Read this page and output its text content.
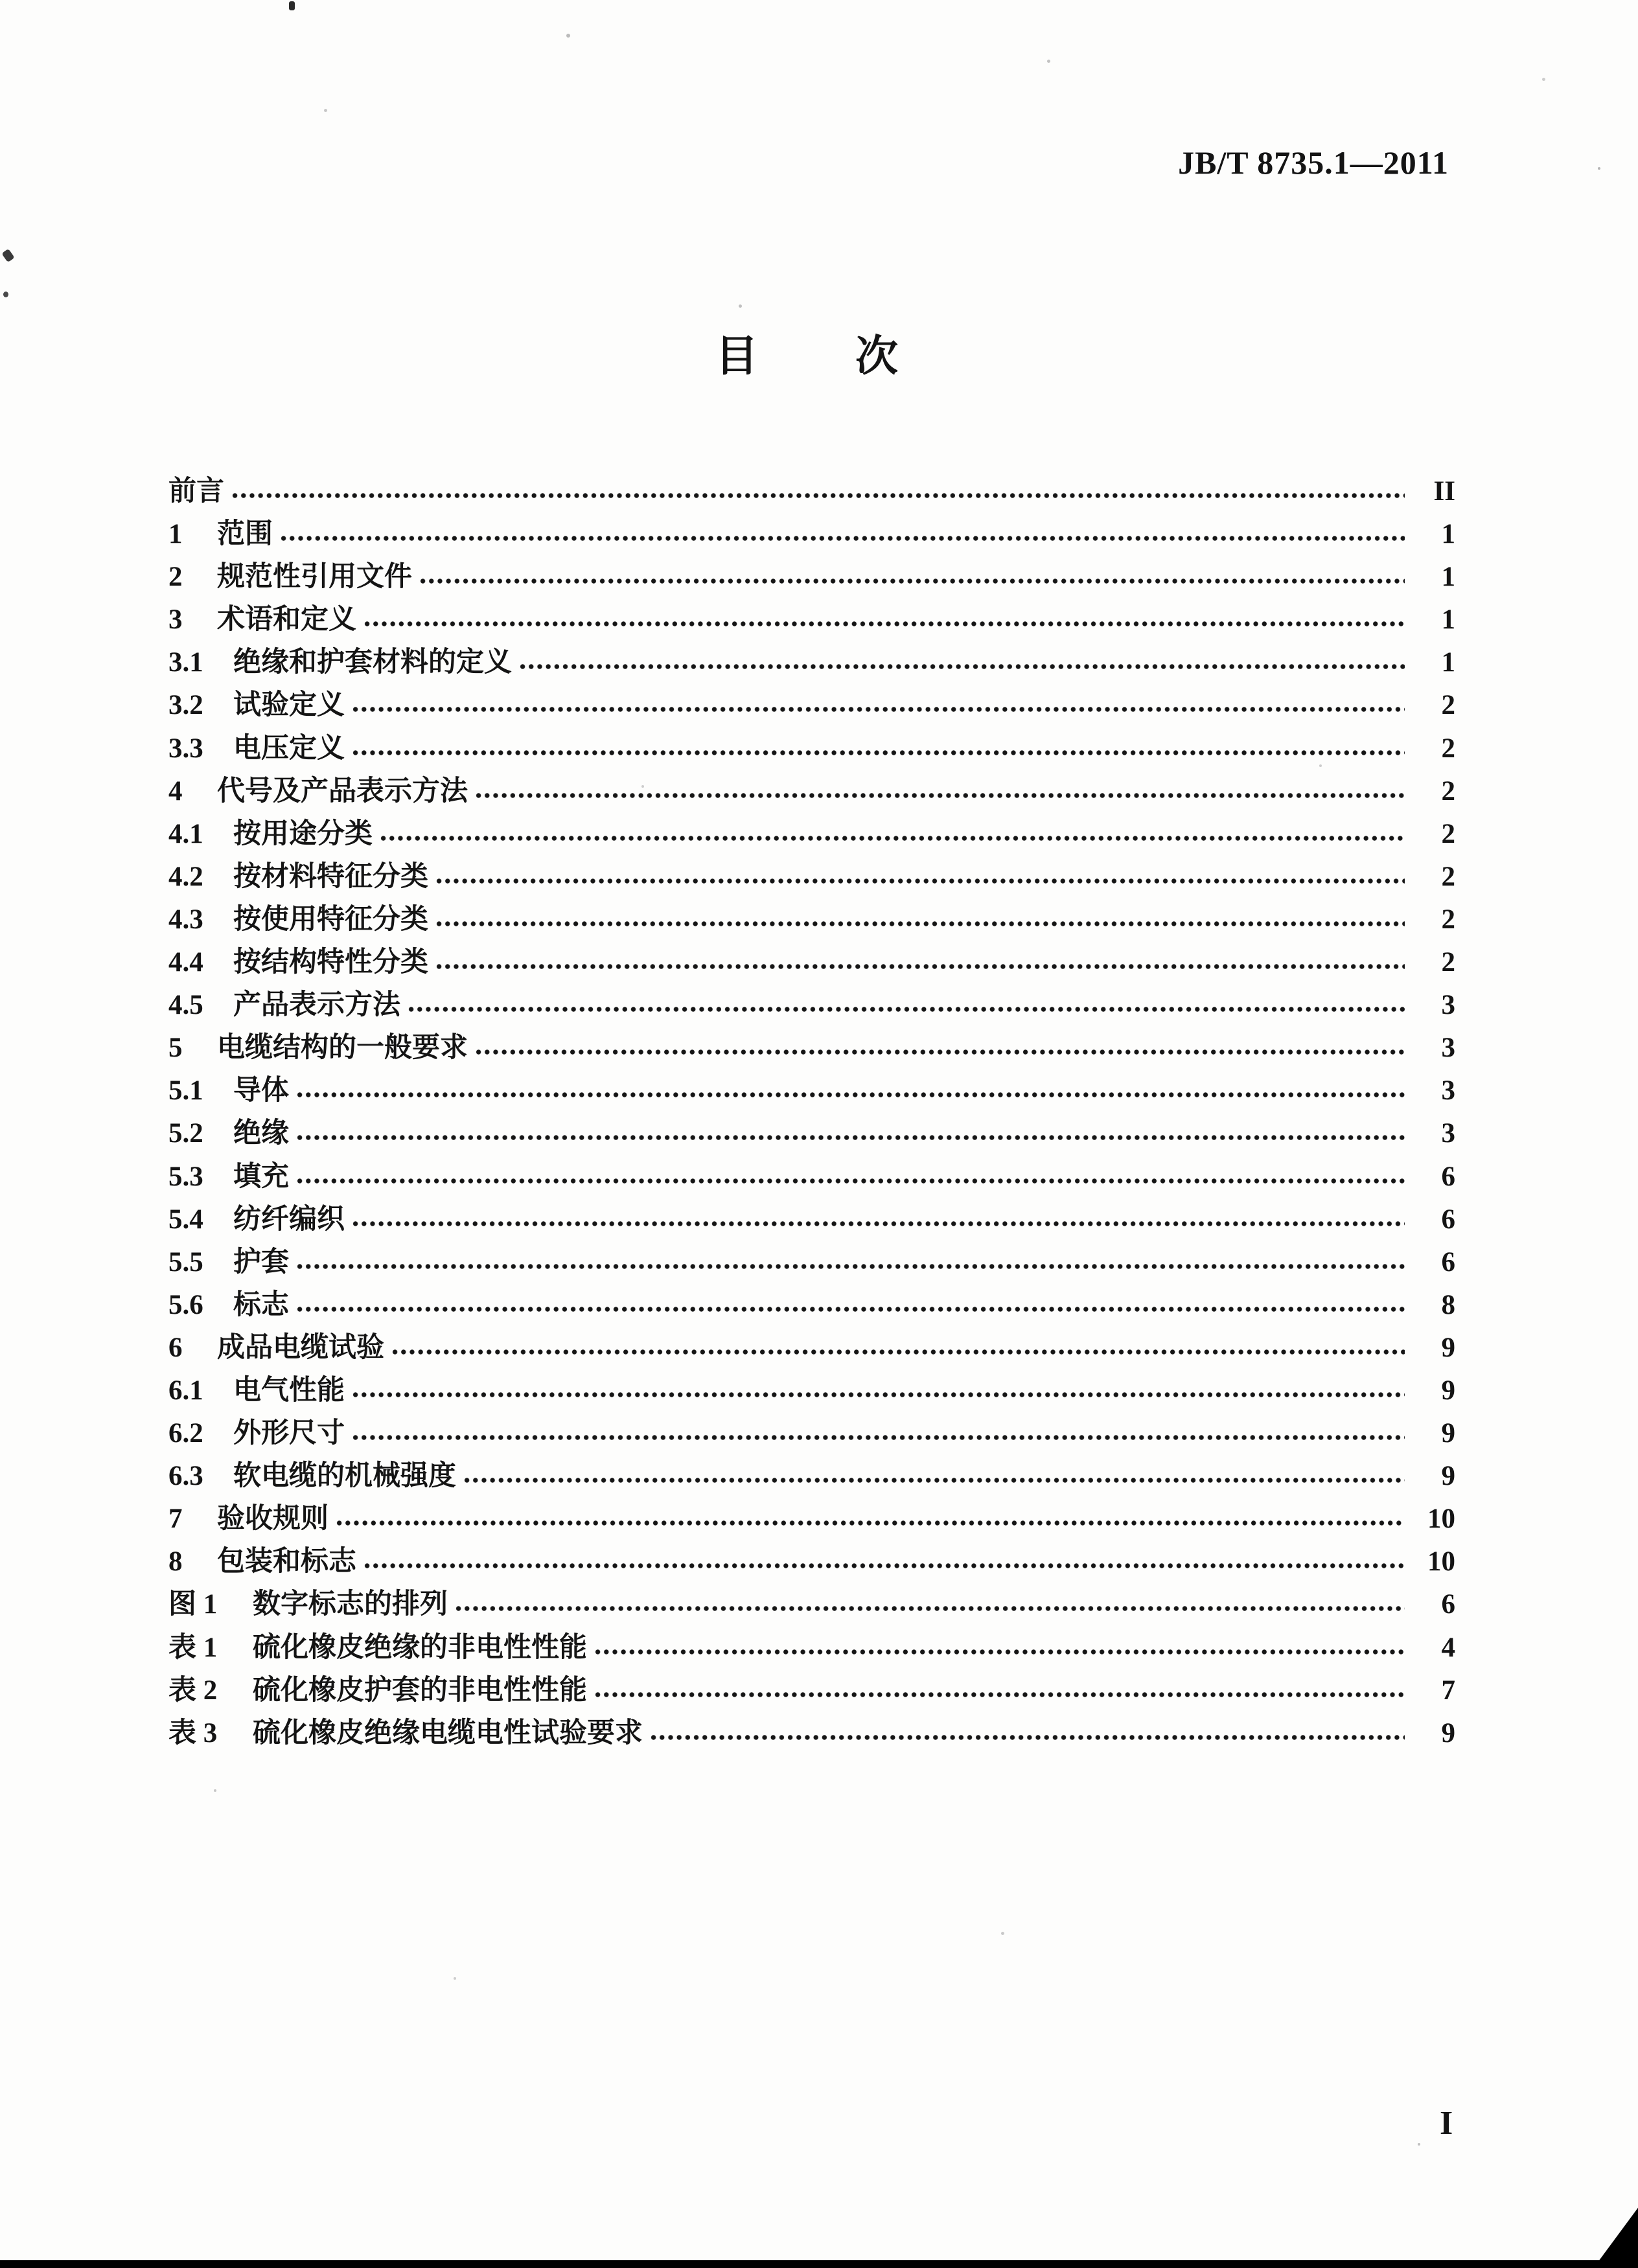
JB/T 8735.1—2011
目 次
前言	II
1	范围	1
2	规范性引用文件	1
3	术语和定义	1
3.1	绝缘和护套材料的定义	1
3.2	试验定义	2
3.3	电压定义	2
4	代号及产品表示方法	2
4.1	按用途分类	2
4.2	按材料特征分类	2
4.3	按使用特征分类	2
4.4	按结构特性分类	2
4.5	产品表示方法	3
5	电缆结构的一般要求	3
5.1	导体	3
5.2	绝缘	3
5.3	填充	6
5.4	纺纤编织	6
5.5	护套	6
5.6	标志	8
6	成品电缆试验	9
6.1	电气性能	9
6.2	外形尺寸	9
6.3	软电缆的机械强度	9
7	验收规则	10
8	包装和标志	10
图 1	数字标志的排列	6
表 1	硫化橡皮绝缘的非电性性能	4
表 2	硫化橡皮护套的非电性性能	7
表 3	硫化橡皮绝缘电缆电性试验要求	9
I
